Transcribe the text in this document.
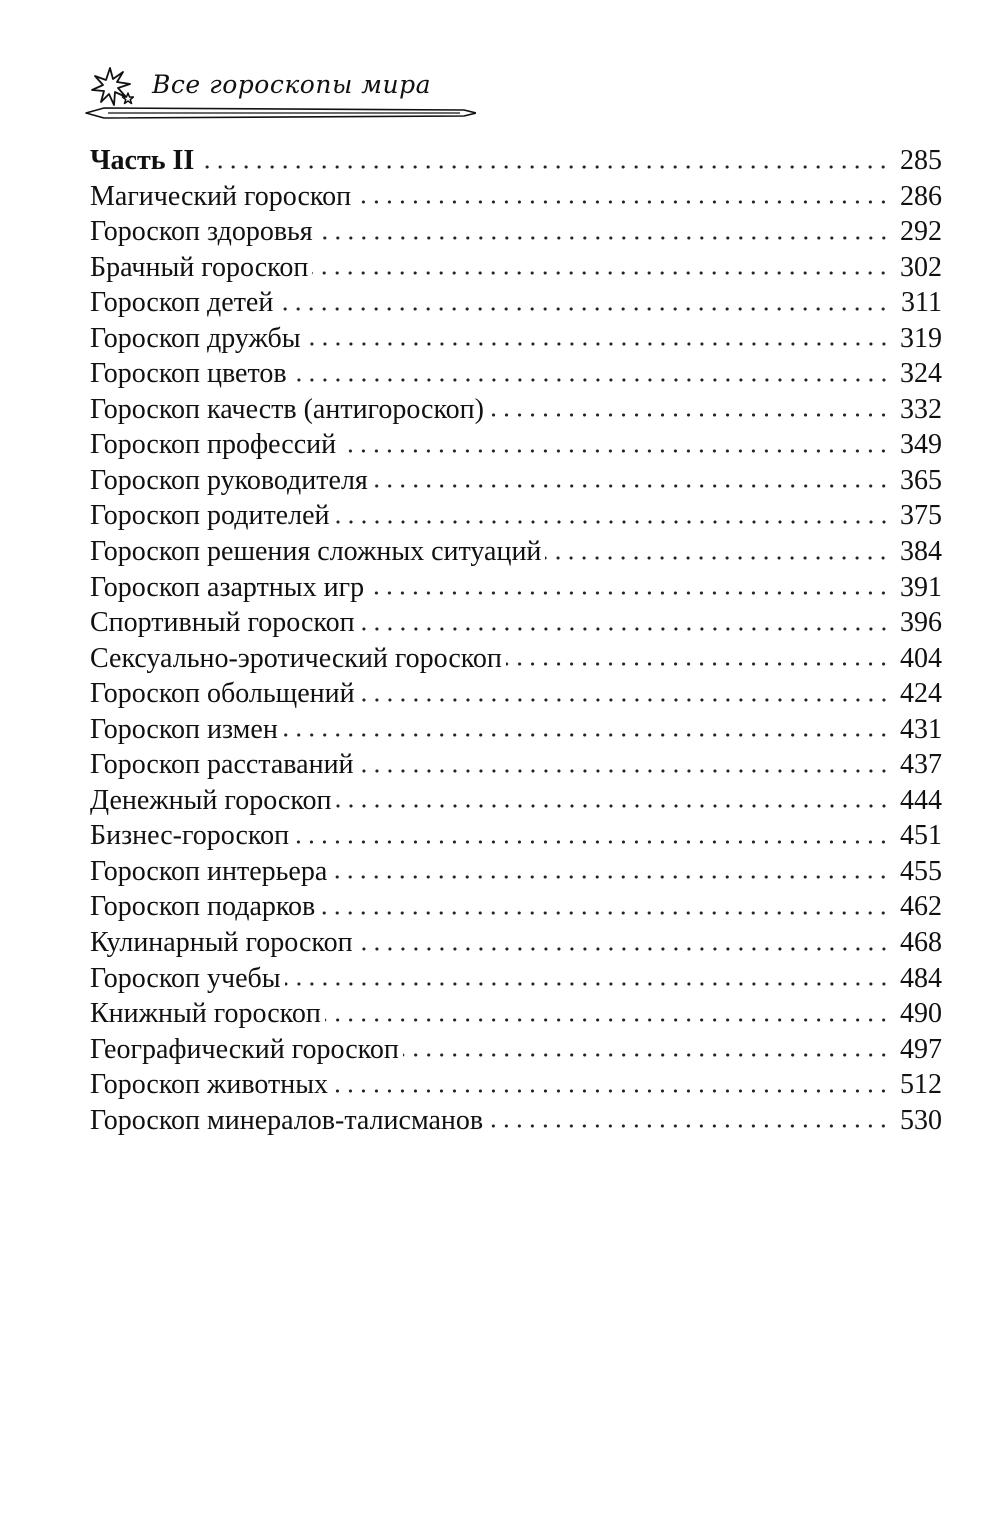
Все гороскопы мира
Часть II	285
Магический гороскоп	286
Гороскоп здоровья	292
Брачный гороскоп	302
Гороскоп детей	311
Гороскоп дружбы	319
Гороскоп цветов	324
Гороскоп качеств (антигороскоп)	332
Гороскоп профессий	349
Гороскоп руководителя	365
Гороскоп родителей	375
Гороскоп решения сложных ситуаций	384
Гороскоп азартных игр	391
Спортивный гороскоп	396
Сексуально-эротический гороскоп	404
Гороскоп обольщений	424
Гороскоп измен	431
Гороскоп расставаний	437
Денежный гороскоп	444
Бизнес-гороскоп	451
Гороскоп интерьера	455
Гороскоп подарков	462
Кулинарный гороскоп	468
Гороскоп учебы	484
Книжный гороскоп	490
Географический гороскоп	497
Гороскоп животных	512
Гороскоп минералов-талисманов	530
